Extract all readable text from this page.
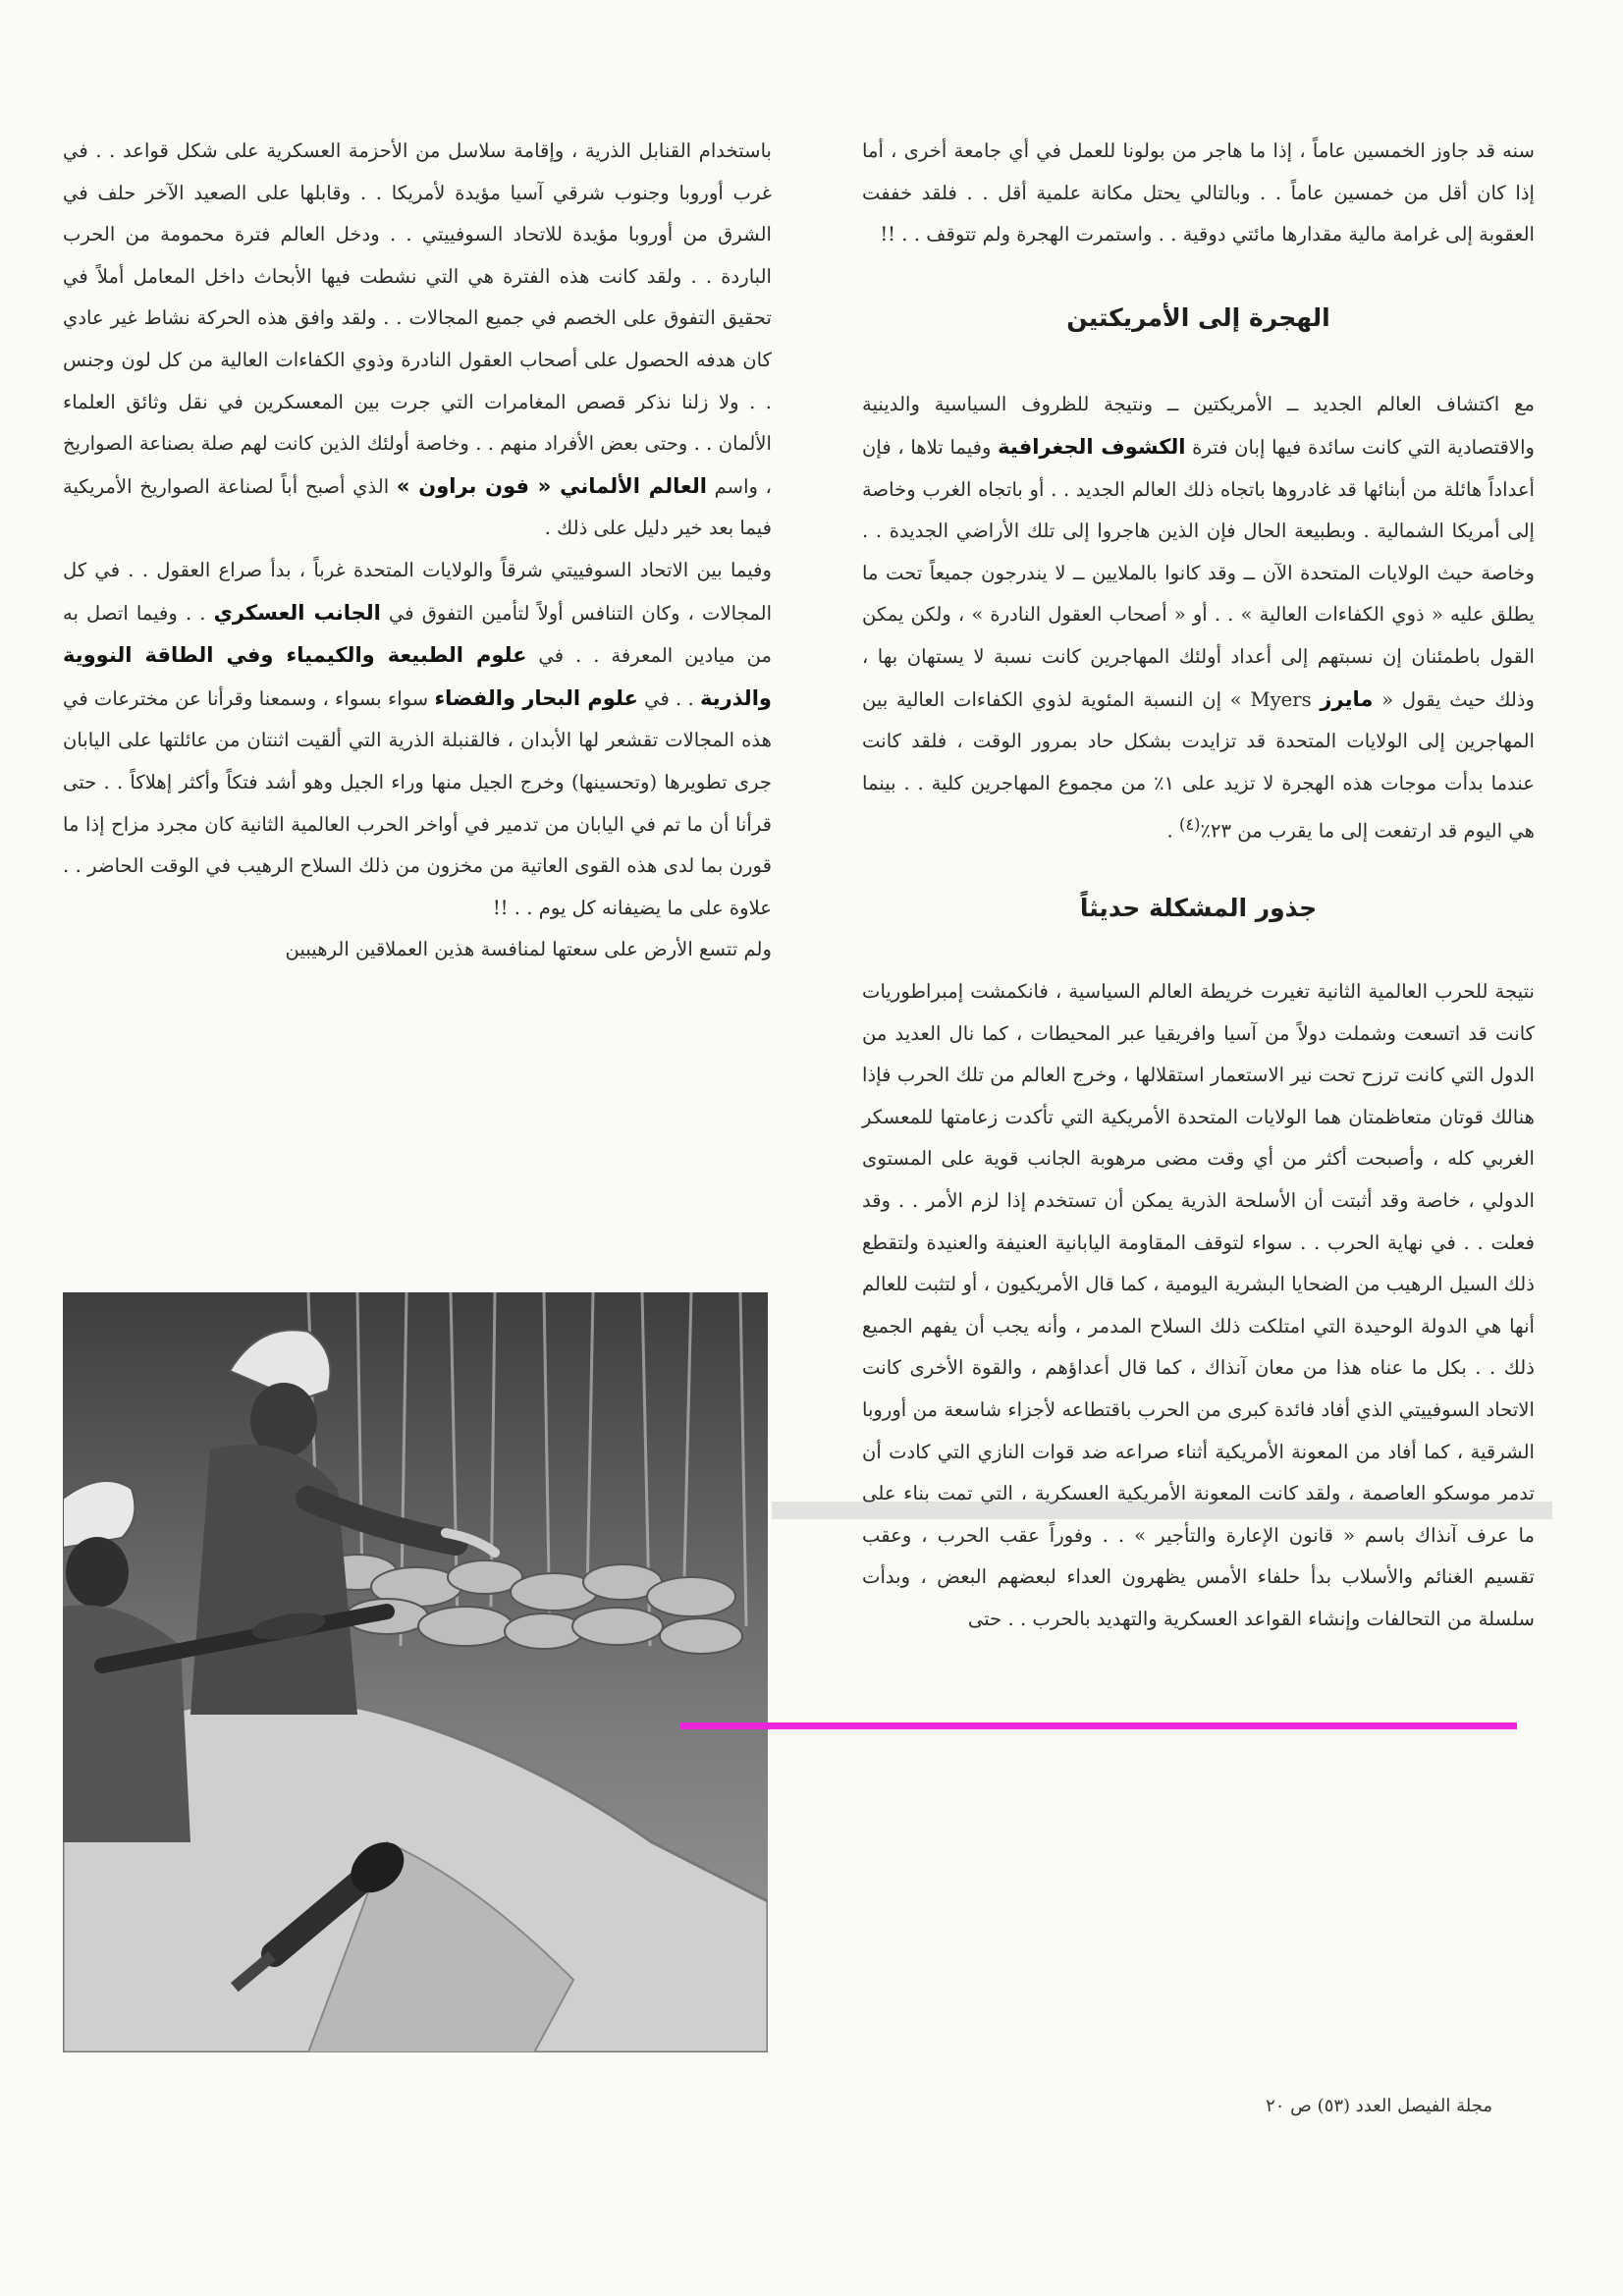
سنه قد جاوز الخمسين عاماً ، إذا ما هاجر من بولونا للعمل في أي جامعة أخرى ، أما إذا كان أقل من خمسين عاماً . . وبالتالي يحتل مكانة علمية أقل . . فلقد خففت العقوبة إلى غرامة مالية مقدارها مائتي دوقية . . واستمرت الهجرة ولم تتوقف . . !!

الهجرة إلى الأمريكتين

مع اكتشاف العالم الجديد ــ الأمريكتين ــ ونتيجة للظروف السياسية والدينية والاقتصادية التي كانت سائدة فيها إبان فترة الكشوف الجغرافية وفيما تلاها ، فإن أعداداً هائلة من أبنائها قد غادروها باتجاه ذلك العالم الجديد . . أو باتجاه الغرب وخاصة إلى أمريكا الشمالية . وبطبيعة الحال فإن الذين هاجروا إلى تلك الأراضي الجديدة . . وخاصة حيث الولايات المتحدة الآن ــ وقد كانوا بالملايين ــ لا يندرجون جميعاً تحت ما يطلق عليه « ذوي الكفاءات العالية » . . أو « أصحاب العقول النادرة » ، ولكن يمكن القول باطمئنان إن نسبتهم إلى أعداد أولئك المهاجرين كانت نسبة لا يستهان بها ، وذلك حيث يقول « مايرز Myers » إن النسبة المئوية لذوي الكفاءات العالية بين المهاجرين إلى الولايات المتحدة قد تزايدت بشكل حاد بمرور الوقت ، فلقد كانت عندما بدأت موجات هذه الهجرة لا تزيد على ١٪ من مجموع المهاجرين كلية . . بينما هي اليوم قد ارتفعت إلى ما يقرب من ٢٣٪$^{(٤)}$ .

جذور المشكلة حديثاً

نتيجة للحرب العالمية الثانية تغيرت خريطة العالم السياسية ، فانكمشت إمبراطوريات كانت قد اتسعت وشملت دولاً من آسيا وافريقيا عبر المحيطات ، كما نال العديد من الدول التي كانت ترزح تحت نير الاستعمار استقلالها ، وخرج العالم من تلك الحرب فإذا هنالك قوتان متعاظمتان هما الولايات المتحدة الأمريكية التي تأكدت زعامتها للمعسكر الغربي كله ، وأصبحت أكثر من أي وقت مضى مرهوبة الجانب قوية على المستوى الدولي ، خاصة وقد أثبتت أن الأسلحة الذرية يمكن أن تستخدم إذا لزم الأمر . . وقد فعلت . . في نهاية الحرب . . سواء لتوقف المقاومة اليابانية العنيفة والعنيدة ولتقطع ذلك السيل الرهيب من الضحايا البشرية اليومية ، كما قال الأمريكيون ، أو لتثبت للعالم أنها هي الدولة الوحيدة التي امتلكت ذلك السلاح المدمر ، وأنه يجب أن يفهم الجميع ذلك . . بكل ما عناه هذا من معان آنذاك ، كما قال أعداؤهم ، والقوة الأخرى كانت الاتحاد السوفييتي الذي أفاد فائدة كبرى من الحرب باقتطاعه لأجزاء شاسعة من أوروبا الشرقية ، كما أفاد من المعونة الأمريكية أثناء صراعه ضد قوات النازي التي كادت أن تدمر موسكو العاصمة ، ولقد كانت المعونة الأمريكية العسكرية ، التي تمت بناء على ما عرف آنذاك باسم « قانون الإعارة والتأجير » . . وفوراً عقب الحرب ، وعقب تقسيم الغنائم والأسلاب بدأ حلفاء الأمس يظهرون العداء لبعضهم البعض ، وبدأت سلسلة من التحالفات وإنشاء القواعد العسكرية والتهديد بالحرب . . حتى

باستخدام القنابل الذرية ، وإقامة سلاسل من الأحزمة العسكرية على شكل قواعد . . في غرب أوروبا وجنوب شرقي آسيا مؤيدة لأمريكا . . وقابلها على الصعيد الآخر حلف في الشرق من أوروبا مؤيدة للاتحاد السوفييتي . . ودخل العالم فترة محمومة من الحرب الباردة . . ولقد كانت هذه الفترة هي التي نشطت فيها الأبحاث داخل المعامل أملاً في تحقيق التفوق على الخصم في جميع المجالات . . ولقد وافق هذه الحركة نشاط غير عادي كان هدفه الحصول على أصحاب العقول النادرة وذوي الكفاءات العالية من كل لون وجنس . . ولا زلنا نذكر قصص المغامرات التي جرت بين المعسكرين في نقل وثائق العلماء الألمان . . وحتى بعض الأفراد منهم . . وخاصة أولئك الذين كانت لهم صلة بصناعة الصواريخ ، واسم العالم الألماني « فون براون » الذي أصبح أباً لصناعة الصواريخ الأمريكية فيما بعد خير دليل على ذلك .

وفيما بين الاتحاد السوفييتي شرقاً والولايات المتحدة غرباً ، بدأ صراع العقول . . في كل المجالات ، وكان التنافس أولاً لتأمين التفوق في الجانب العسكري . . وفيما اتصل به من ميادين المعرفة . . في علوم الطبيعة والكيمياء وفي الطاقة النووية والذرية . . في علوم البحار والفضاء سواء بسواء ، وسمعنا وقرأنا عن مخترعات في هذه المجالات تقشعر لها الأبدان ، فالقنبلة الذرية التي ألقيت اثنتان من عائلتها على اليابان جرى تطويرها (وتحسينها) وخرج الجيل منها وراء الجيل وهو أشد فتكاً وأكثر إهلاكاً . . حتى قرأنا أن ما تم في اليابان من تدمير في أواخر الحرب العالمية الثانية كان مجرد مزاح إذا ما قورن بما لدى هذه القوى العاتية من مخزون من ذلك السلاح الرهيب في الوقت الحاضر . . علاوة على ما يضيفانه كل يوم . . !!

ولم تتسع الأرض على سعتها لمنافسة هذين العملاقين الرهيبين

مجلة الفيصل العدد (٥٣) ص ٢٠
